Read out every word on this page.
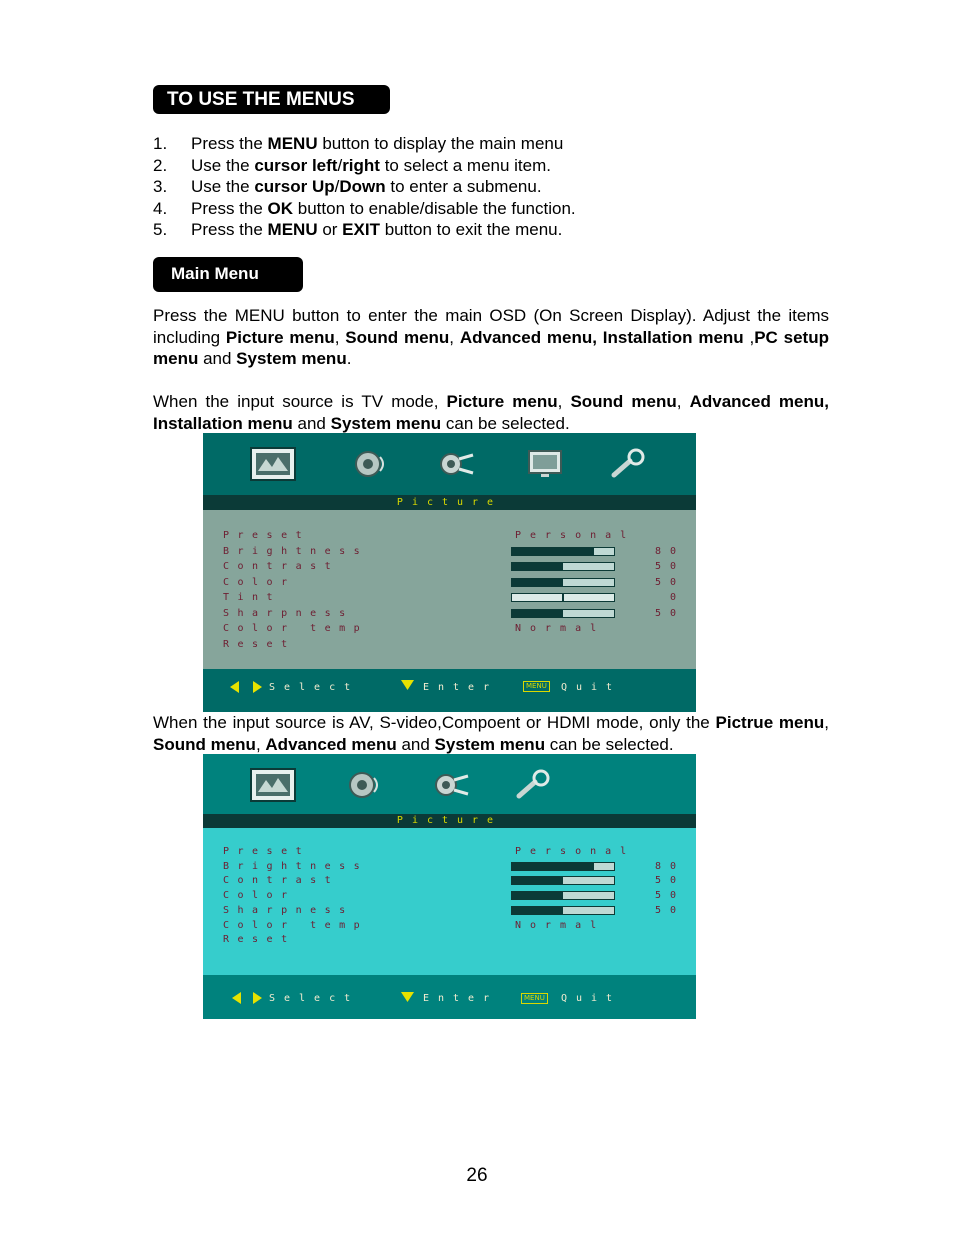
TO USE THE MENUS
1.	Press the MENU button to display the main menu
2.	Use the cursor left/right to select a menu item.
3.	Use the cursor Up/Down to enter a submenu.
4.	Press the OK button to enable/disable the function.
5.	Press the MENU or EXIT button to exit the menu.
Main Menu

Press the MENU button to enter the main OSD (On Screen Display). Adjust the items including Picture menu, Sound menu, Advanced menu, Installation menu ,PC setup menu and System menu.

When the input source is TV mode, Picture menu, Sound menu, Advanced menu, Installation menu and System menu can be selected.

Picture
Preset	Personal
Brightness	80
Contrast	50
Color	50
Tint	0
Sharpness	50
Color temp	Normal
Reset
Select	Enter	MENU	Quit

When the input source is AV, S-video,Compoent or HDMI mode, only the Pictrue menu, Sound menu, Advanced menu and System menu can be selected.

Picture
Preset	Personal
Brightness	80
Contrast	50
Color	50
Sharpness	50
Color temp	Normal
Reset
Select	Enter	MENU	Quit
26
